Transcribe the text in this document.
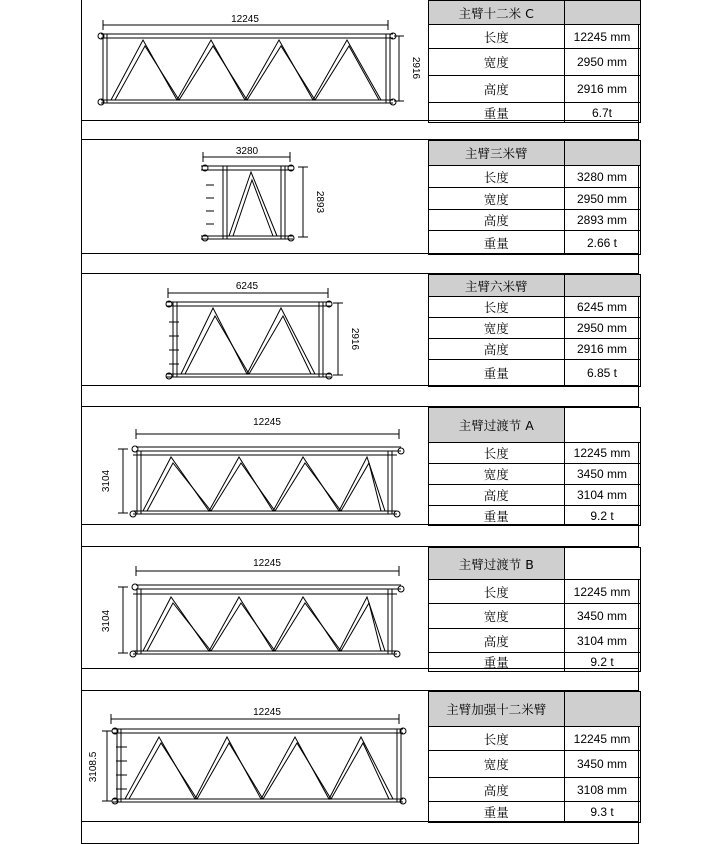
12245
2916
主臂十二米 C	
长度	12245 mm
宽度	2950 mm
高度	2916 mm
重量	6.7t
3280
2893
主臂三米臂	
长度	3280 mm
宽度	2950 mm
高度	2893 mm
重量	2.66 t
6245
2916
主臂六米臂	
长度	6245 mm
宽度	2950 mm
高度	2916 mm
重量	6.85 t
12245
3104
主臂过渡节 A	
长度	12245 mm
宽度	3450 mm
高度	3104 mm
重量	9.2 t
12245
3104
主臂过渡节 B	
长度	12245 mm
宽度	3450 mm
高度	3104 mm
重量	9.2 t
12245
3108.5
主臂加强十二米臂	
长度	12245 mm
宽度	3450 mm
高度	3108 mm
重量	9.3 t
